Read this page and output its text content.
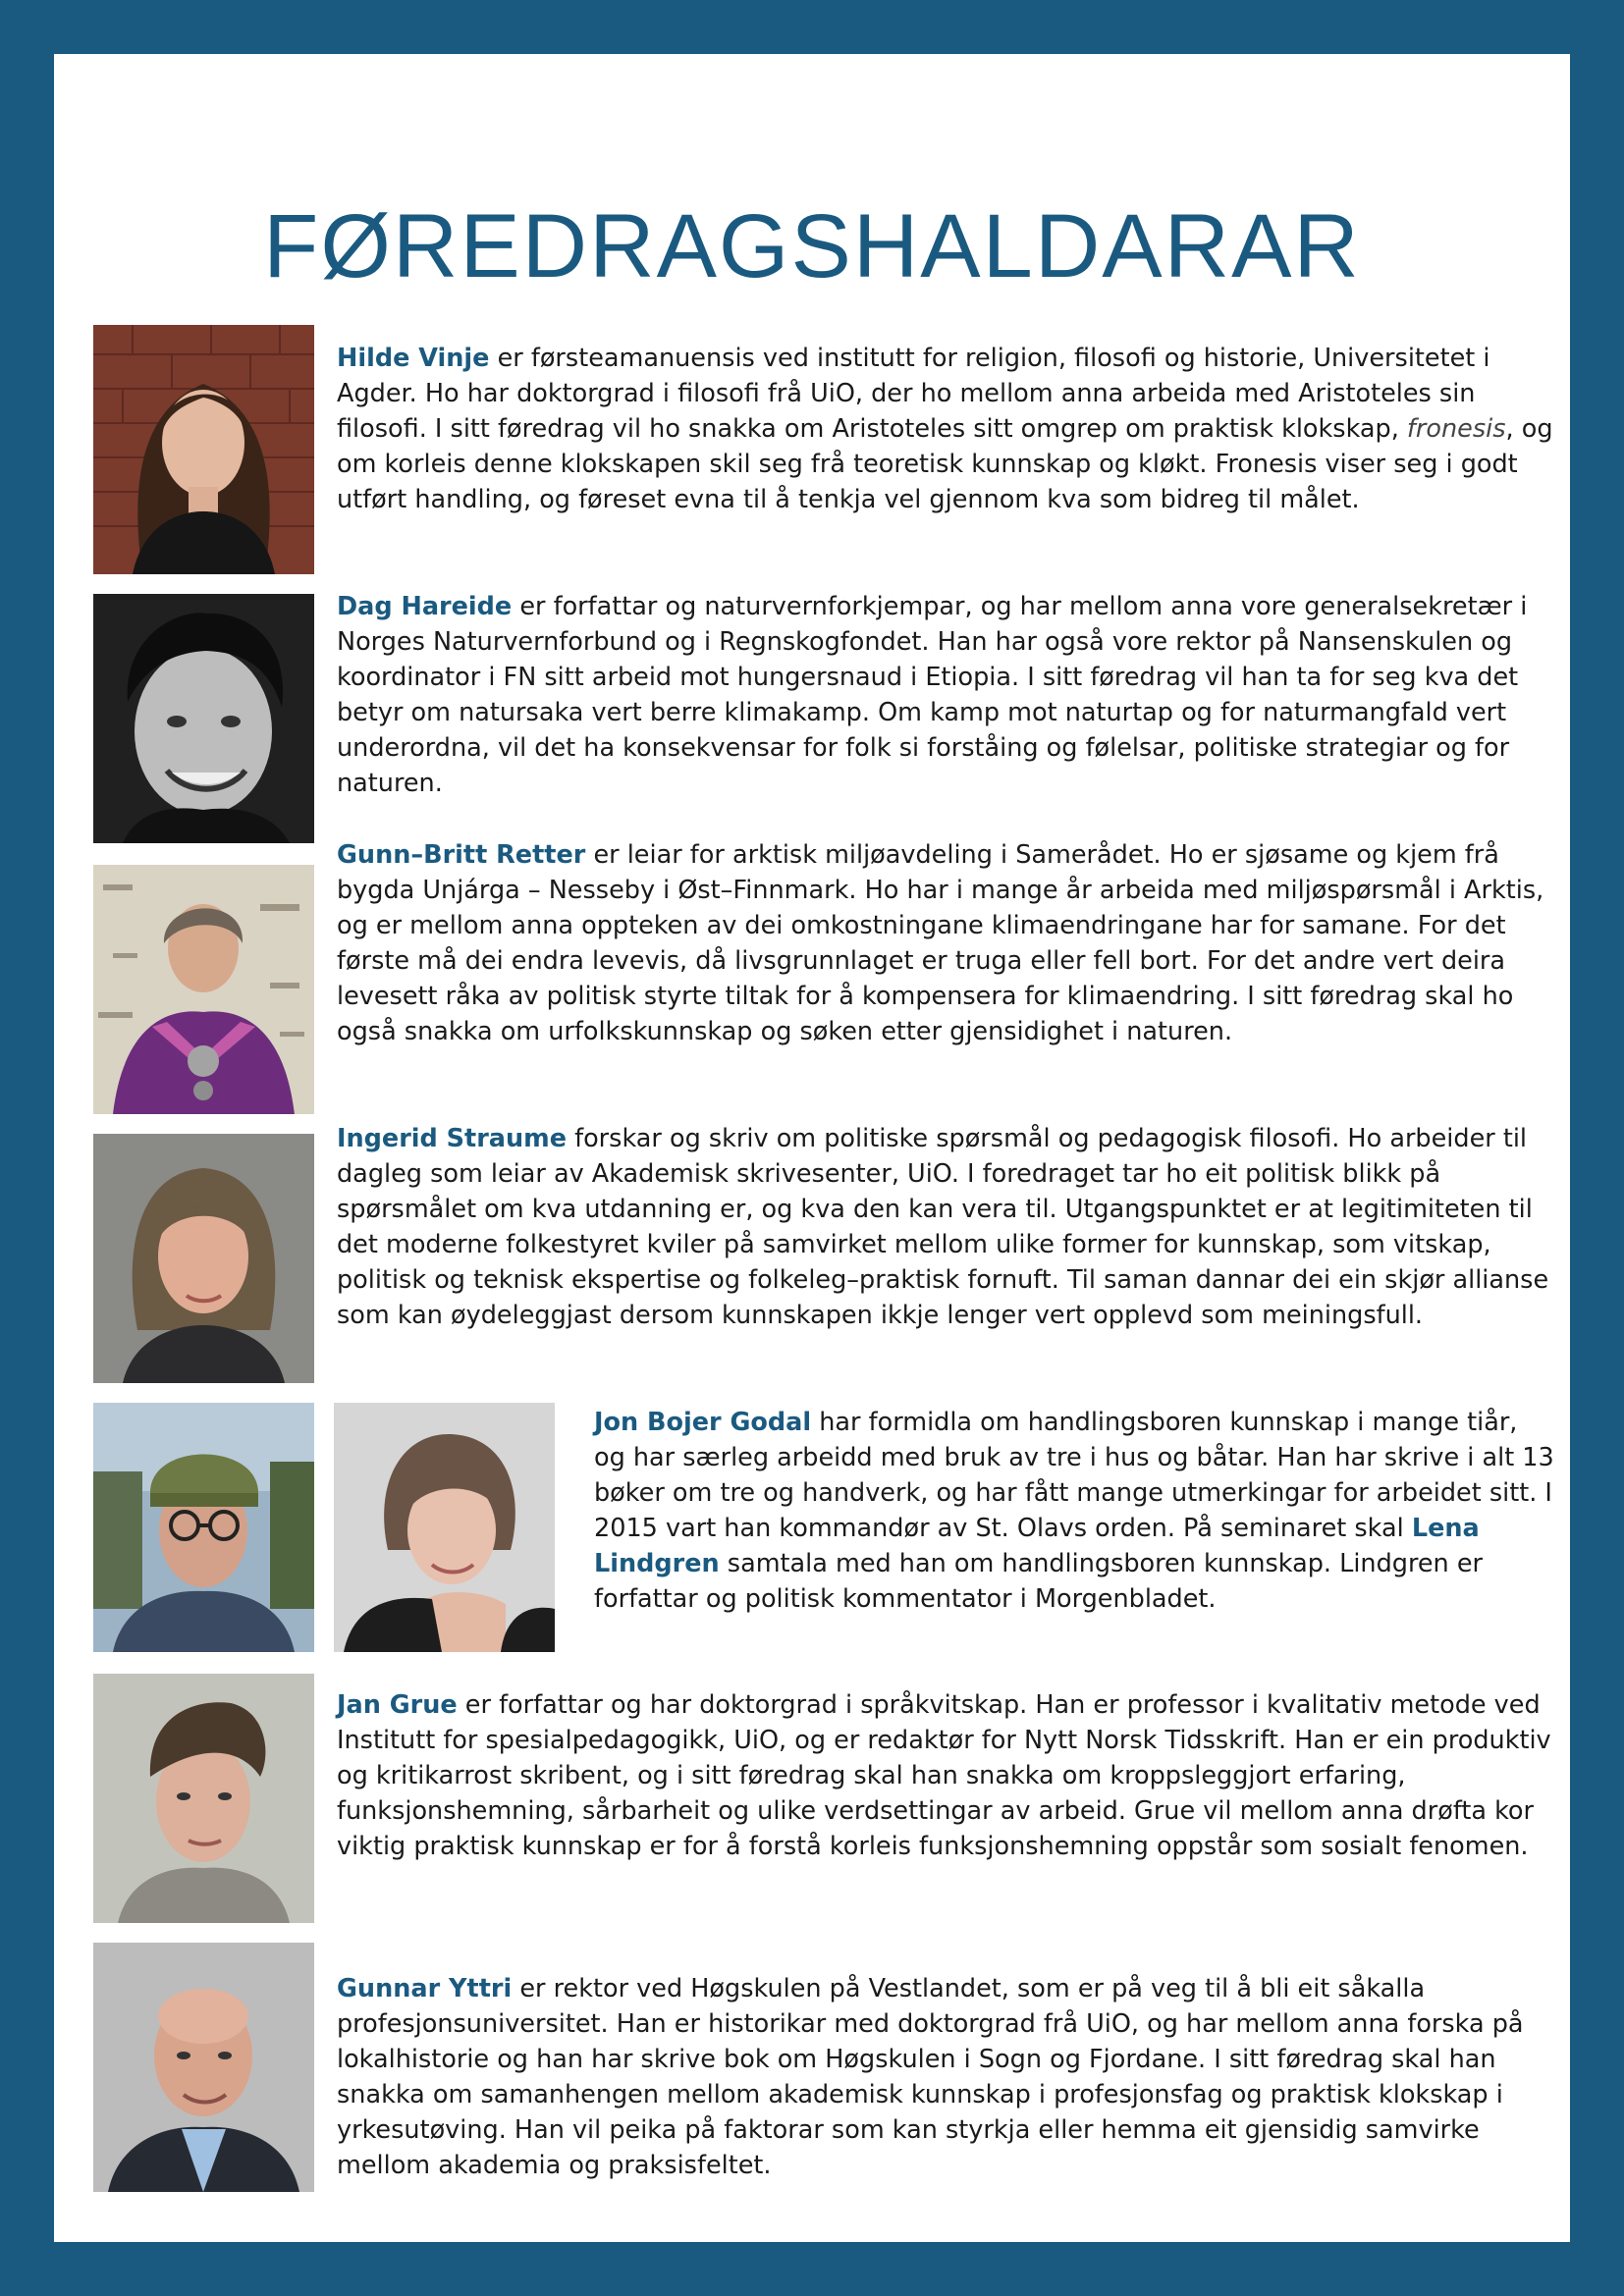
FØREDRAGSHALDARAR

Hilde Vinje er førsteamanuensis ved institutt for religion, filosofi og historie, Universitetet i Agder. Ho har doktorgrad i filosofi frå UiO, der ho mellom anna arbeida med Aristoteles sin filosofi. I sitt føredrag vil ho snakka om Aristoteles sitt omgrep om praktisk klokskap, fronesis, og om korleis denne klokskapen skil seg frå teoretisk kunnskap og kløkt. Fronesis viser seg i godt utført handling, og føreset evna til å tenkja vel gjennom kva som bidreg til målet.

Dag Hareide er forfattar og naturvernforkjempar, og har mellom anna vore generalsekretær i Norges Naturvernforbund og i Regnskogfondet. Han har også vore rektor på Nansenskulen og koordinator i FN sitt arbeid mot hungersnaud i Etiopia. I sitt føredrag vil han ta for seg kva det betyr om natursaka vert berre klimakamp. Om kamp mot naturtap og for naturmangfald vert underordna, vil det ha konsekvensar for folk si forståing og følelsar, politiske strategiar og for naturen.

Gunn–Britt Retter er leiar for arktisk miljøavdeling i Samerådet. Ho er sjøsame og kjem frå bygda Unjárga – Nesseby i Øst–Finnmark. Ho har i mange år arbeida med miljøspørsmål i Arktis, og er mellom anna oppteken av dei omkostningane klimaendringane har for samane. For det første må dei endra levevis, då livsgrunnlaget er truga eller fell bort. For det andre vert deira levesett råka av politisk styrte tiltak for å kompensera for klimaendring. I sitt føredrag skal ho også snakka om urfolkskunnskap og søken etter gjensidighet i naturen.

Ingerid Straume forskar og skriv om politiske spørsmål og pedagogisk filosofi. Ho arbeider til dagleg som leiar av Akademisk skrivesenter, UiO. I foredraget tar ho eit politisk blikk på spørsmålet om kva utdanning er, og kva den kan vera til. Utgangspunktet er at legitimiteten til det moderne folkestyret kviler på samvirket mellom ulike former for kunnskap, som vitskap, politisk og teknisk ekspertise og folkeleg–praktisk fornuft. Til saman dannar dei ein skjør allianse som kan øydeleggjast dersom kunnskapen ikkje lenger vert opplevd som meiningsfull.

Jon Bojer Godal har formidla om handlingsboren kunnskap i mange tiår, og har særleg arbeidd med bruk av tre i hus og båtar. Han har skrive i alt 13 bøker om tre og handverk, og har fått mange utmerkingar for arbeidet sitt. I 2015 vart han kommandør av St. Olavs orden. På seminaret skal Lena Lindgren samtala med han om handlingsboren kunnskap. Lindgren er forfattar og politisk kommentator i Morgenbladet.

Jan Grue er forfattar og har doktorgrad i språkvitskap. Han er professor i kvalitativ metode ved Institutt for spesialpedagogikk, UiO, og er redaktør for Nytt Norsk Tidsskrift. Han er ein produktiv og kritikarrost skribent, og i sitt føredrag skal han snakka om kroppsleggjort erfaring, funksjonshemning, sårbarheit og ulike verdsettingar av arbeid. Grue vil mellom anna drøfta kor viktig praktisk kunnskap er for å forstå korleis funksjonshemning oppstår som sosialt fenomen.

Gunnar Yttri er rektor ved Høgskulen på Vestlandet, som er på veg til å bli eit såkalla profesjonsuniversitet. Han er historikar med doktorgrad frå UiO, og har mellom anna forska på lokalhistorie og han har skrive bok om Høgskulen i Sogn og Fjordane. I sitt føredrag skal han snakka om samanhengen mellom akademisk kunnskap i profesjonsfag og praktisk klokskap i yrkesutøving. Han vil peika på faktorar som kan styrkja eller hemma eit gjensidig samvirke mellom akademia og praksisfeltet.
